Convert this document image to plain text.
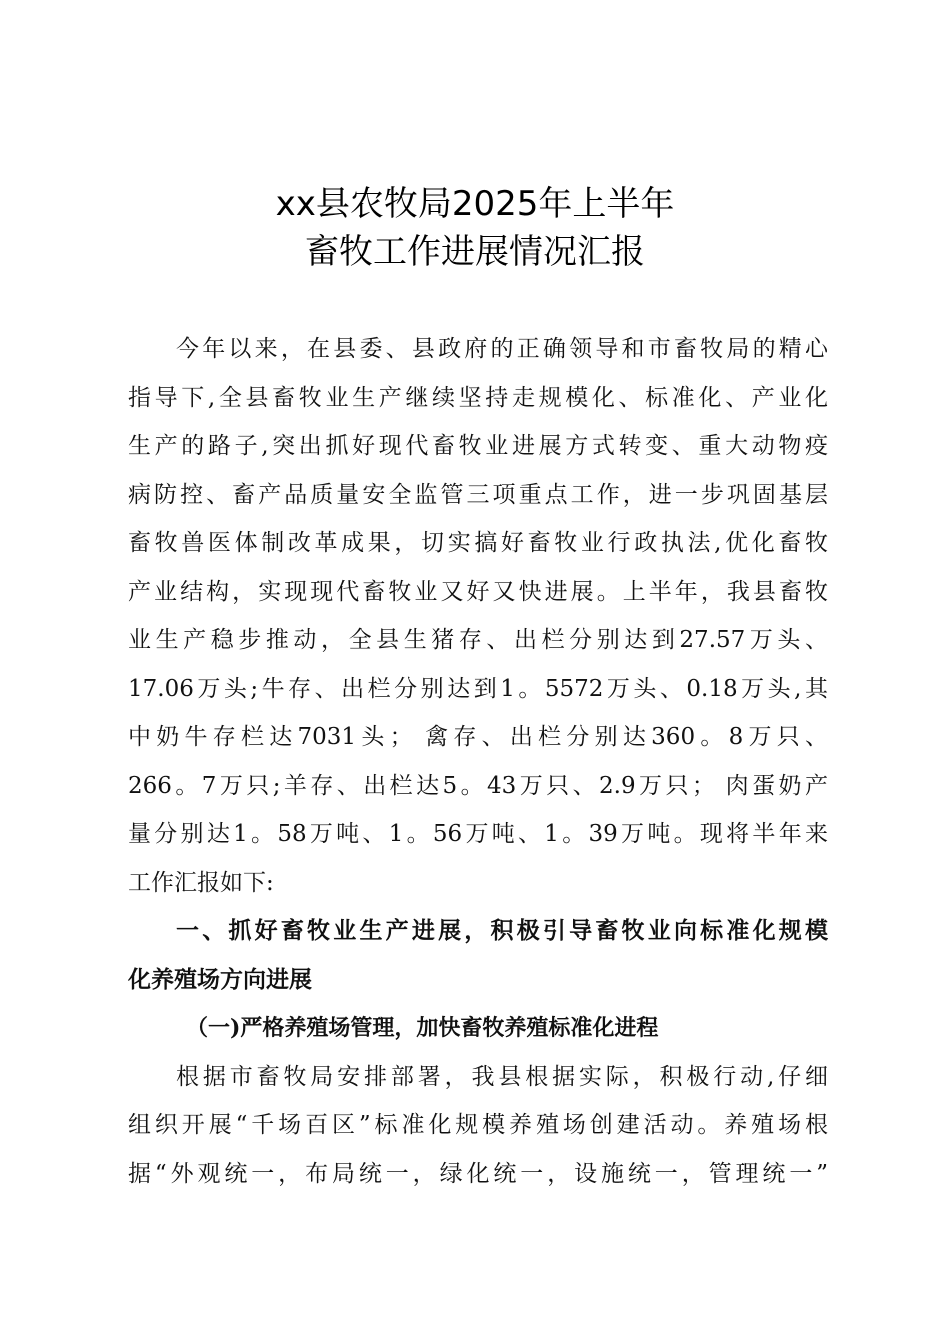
xx县农牧局2025年上半年
畜牧工作进展情况汇报
今年以来，在县委、县政府的正确领导和市畜牧局的精心
指导下,全县畜牧业生产继续坚持走规模化、标准化、产业化
生产的路子,突出抓好现代畜牧业进展方式转变、重大动物疫
病防控、畜产品质量安全监管三项重点工作，进一步巩固基层
畜牧兽医体制改革成果，切实搞好畜牧业行政执法,优化畜牧
产业结构，实现现代畜牧业又好又快进展。上半年，我县畜牧
业生产稳步推动，全县生猪存、出栏分别达到27.57万头、
17.06万头;牛存、出栏分别达到1。5572万头、0.18万头,其
中奶牛存栏达7031头； 禽存、出栏分别达360。8万只、
266。7万只;羊存、出栏达5。43万只、2.9万只； 肉蛋奶产
量分别达1。58万吨、1。56万吨、1。39万吨。现将半年来
工作汇报如下:
一、抓好畜牧业生产进展，积极引导畜牧业向标准化规模
化养殖场方向进展
（一)严格养殖场管理，加快畜牧养殖标准化进程
根据市畜牧局安排部署，我县根据实际，积极行动,仔细
组织开展“千场百区”标准化规模养殖场创建活动。养殖场根
据“外观统一，布局统一，绿化统一，设施统一，管理统一”
